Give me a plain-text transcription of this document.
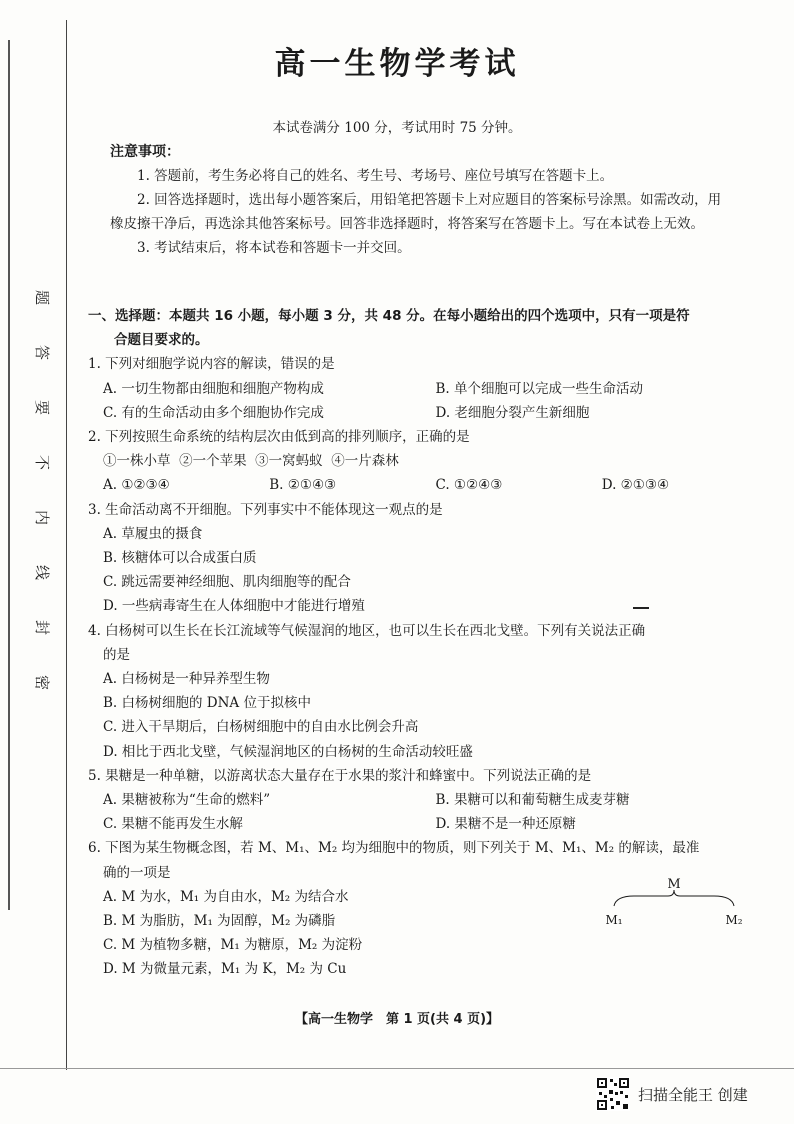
题
答
要
不
内
线
封
密
高一生物学考试
本试卷满分 100 分，考试用时 75 分钟。
注意事项：
1. 答题前，考生务必将自己的姓名、考生号、考场号、座位号填写在答题卡上。
2. 回答选择题时，选出每小题答案后，用铅笔把答题卡上对应题目的答案标号涂黑。如需改动，用橡皮擦干净后，再选涂其他答案标号。回答非选择题时，将答案写在答题卡上。写在本试卷上无效。
3. 考试结束后，将本试卷和答题卡一并交回。
一、选择题：本题共 16 小题，每小题 3 分，共 48 分。在每小题给出的四个选项中，只有一项是符
合题目要求的。
1. 下列对细胞学说内容的解读，错误的是
A. 一切生物都由细胞和细胞产物构成	B. 单个细胞可以完成一些生命活动
C. 有的生命活动由多个细胞协作完成	D. 老细胞分裂产生新细胞
2. 下列按照生命系统的结构层次由低到高的排列顺序，正确的是
①一株小草  ②一个苹果  ③一窝蚂蚁  ④一片森林
A. ①②③④	B. ②①④③	C. ①②④③	D. ②①③④
3. 生命活动离不开细胞。下列事实中不能体现这一观点的是
A. 草履虫的摄食
B. 核糖体可以合成蛋白质
C. 跳远需要神经细胞、肌肉细胞等的配合
D. 一些病毒寄生在人体细胞中才能进行增殖
4. 白杨树可以生长在长江流域等气候湿润的地区，也可以生长在西北戈壁。下列有关说法正确
的是
A. 白杨树是一种异养型生物
B. 白杨树细胞的 DNA 位于拟核中
C. 进入干旱期后，白杨树细胞中的自由水比例会升高
D. 相比于西北戈壁，气候湿润地区的白杨树的生命活动较旺盛
5. 果糖是一种单糖，以游离状态大量存在于水果的浆汁和蜂蜜中。下列说法正确的是
A. 果糖被称为“生命的燃料”	B. 果糖可以和葡萄糖生成麦芽糖
C. 果糖不能再发生水解	D. 果糖不是一种还原糖
6. 下图为某生物概念图，若 M、M₁、M₂ 均为细胞中的物质，则下列关于 M、M₁、M₂ 的解读，最准
确的一项是
A. M 为水，M₁ 为自由水，M₂ 为结合水
B. M 为脂肪，M₁ 为固醇，M₂ 为磷脂
C. M 为植物多糖，M₁ 为糖原，M₂ 为淀粉
D. M 为微量元素，M₁ 为 K，M₂ 为 Cu
M
M₁	M₂
【高一生物学　第 1 页(共 4 页)】
扫描全能王 创建
